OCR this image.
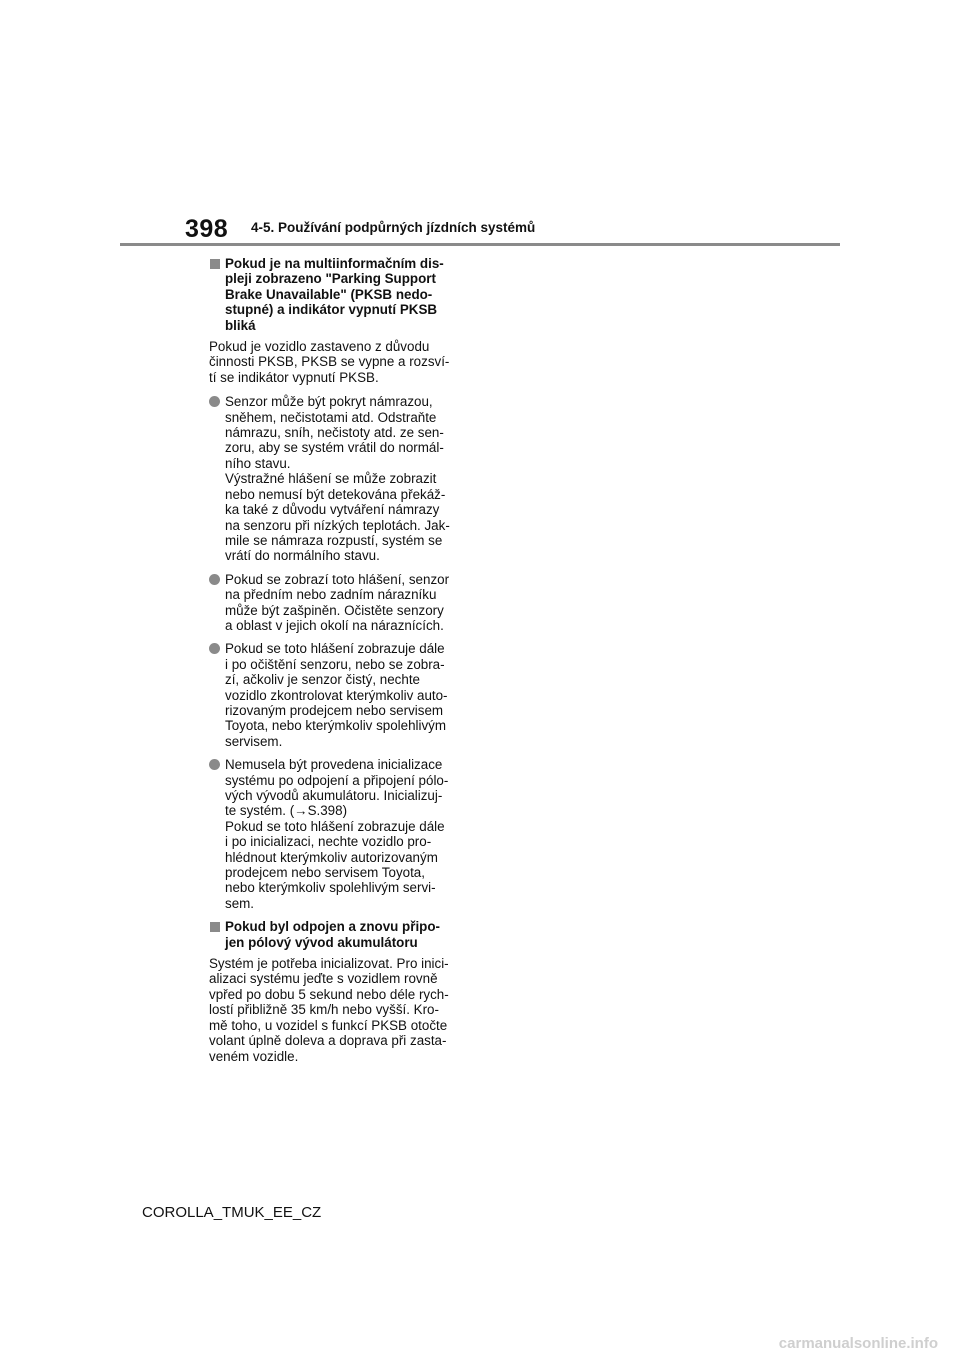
398 4-5. Používání podpůrných jízdních systémů
Pokud je na multiinformačním dis-
pleji zobrazeno "Parking Support
Brake Unavailable" (PKSB nedo-
stupné) a indikátor vypnutí PKSB
bliká
Pokud je vozidlo zastaveno z důvodu
činnosti PKSB, PKSB se vypne a rozsví-
tí se indikátor vypnutí PKSB.
Senzor může být pokryt námrazou,
sněhem, nečistotami atd. Odstraňte
námrazu, sníh, nečistoty atd. ze sen-
zoru, aby se systém vrátil do normál-
ního stavu.
Výstražné hlášení se může zobrazit
nebo nemusí být detekována překáž-
ka také z důvodu vytváření námrazy
na senzoru při nízkých teplotách. Jak-
mile se námraza rozpustí, systém se
vrátí do normálního stavu.
Pokud se zobrazí toto hlášení, senzor
na předním nebo zadním nárazníku
může být zašpiněn. Očistěte senzory
a oblast v jejich okolí na náraznících.
Pokud se toto hlášení zobrazuje dále
i po očištění senzoru, nebo se zobra-
zí, ačkoliv je senzor čistý, nechte
vozidlo zkontrolovat kterýmkoliv auto-
rizovaným prodejcem nebo servisem
Toyota, nebo kterýmkoliv spolehlivým
servisem.
Nemusela být provedena inicializace
systému po odpojení a připojení pólo-
vých vývodů akumulátoru. Inicializuj-
te systém. (→S.398)
Pokud se toto hlášení zobrazuje dále
i po inicializaci, nechte vozidlo pro-
hlédnout kterýmkoliv autorizovaným
prodejcem nebo servisem Toyota,
nebo kterýmkoliv spolehlivým servi-
sem.
Pokud byl odpojen a znovu připo-
jen pólový vývod akumulátoru
Systém je potřeba inicializovat. Pro inici-
alizaci systému jeďte s vozidlem rovně
vpřed po dobu 5 sekund nebo déle rych-
lostí přibližně 35 km/h nebo vyšší. Kro-
mě toho, u vozidel s funkcí PKSB otočte
volant úplně doleva a doprava při zasta-
veném vozidle.
COROLLA_TMUK_EE_CZ
carmanualsonline.info
